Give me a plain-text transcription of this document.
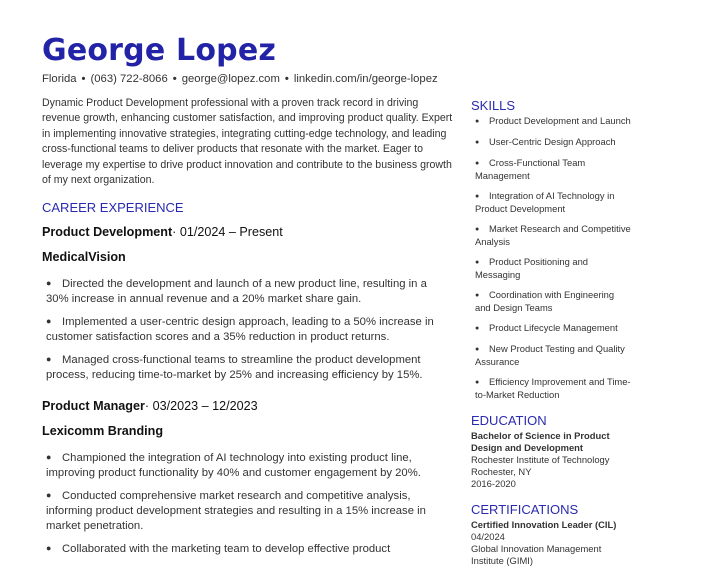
George Lopez
Florida • (063) 722-8066 • george@lopez.com • linkedin.com/in/george-lopez
Dynamic Product Development professional with a proven track record in driving revenue growth, enhancing customer satisfaction, and improving product quality. Expert in implementing innovative strategies, integrating cutting-edge technology, and leading cross-functional teams to deliver products that resonate with the market. Eager to leverage my expertise to drive product innovation and contribute to the business growth of my next organization.
CAREER EXPERIENCE
Product Development· 01/2024 – Present
MedicalVision
● Directed the development and launch of a new product line, resulting in a 30% increase in annual revenue and a 20% market share gain.
● Implemented a user-centric design approach, leading to a 50% increase in customer satisfaction scores and a 35% reduction in product returns.
● Managed cross-functional teams to streamline the product development process, reducing time-to-market by 25% and increasing efficiency by 15%.
Product Manager· 03/2023 – 12/2023
Lexicomm Branding
● Championed the integration of AI technology into existing product line, improving product functionality by 40% and customer engagement by 20%.
● Conducted comprehensive market research and competitive analysis, informing product development strategies and resulting in a 15% increase in market penetration.
● Collaborated with the marketing team to develop effective product
SKILLS
● Product Development and Launch
● User-Centric Design Approach
● Cross-Functional Team Management
● Integration of AI Technology in Product Development
● Market Research and Competitive Analysis
● Product Positioning and Messaging
● Coordination with Engineering and Design Teams
● Product Lifecycle Management
● New Product Testing and Quality Assurance
● Efficiency Improvement and Time-to-Market Reduction
EDUCATION
Bachelor of Science in Product Design and Development
Rochester Institute of Technology
Rochester, NY
2016-2020
CERTIFICATIONS
Certified Innovation Leader (CIL)
04/2024
Global Innovation Management Institute (GIMI)
